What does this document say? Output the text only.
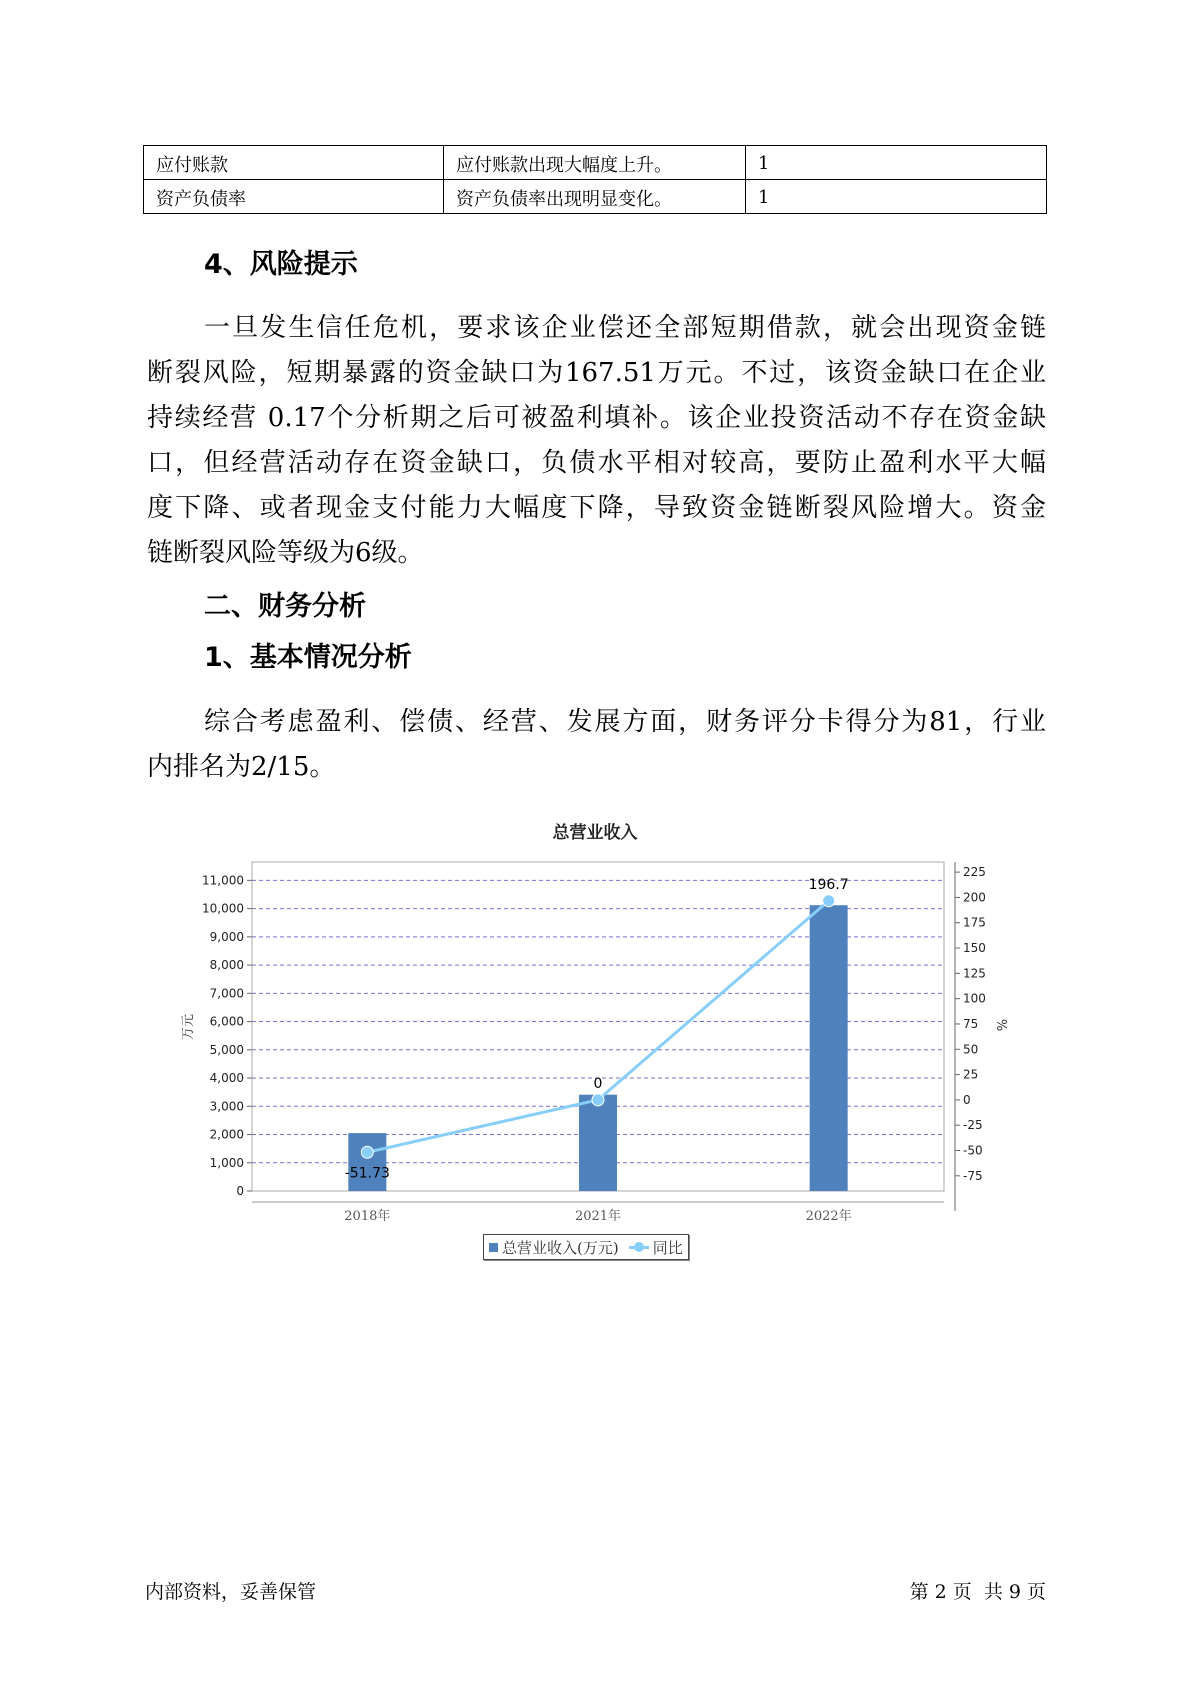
应付账款	应付账款出现大幅度上升。	1
资产负债率	资产负债率出现明显变化。	1
4、风险提示
一旦发生信任危机，要求该企业偿还全部短期借款，就会出现资金链
断裂风险，短期暴露的资金缺口为167.51万元。不过，该资金缺口在企业
持续经营 0.17个分析期之后可被盈利填补。该企业投资活动不存在资金缺
口，但经营活动存在资金缺口，负债水平相对较高，要防止盈利水平大幅
度下降、或者现金支付能力大幅度下降，导致资金链断裂风险增大。资金
链断裂风险等级为6级。
二、财务分析
1、基本情况分析
综合考虑盈利、偿债、经营、发展方面，财务评分卡得分为81，行业
内排名为2/15。
总营业收入
0
1,000
2,000
3,000
4,000
5,000
6,000
7,000
8,000
9,000
10,000
11,000
-75
-50
-25
0
25
50
75
100
125
150
175
200
225
2018年	2021年	2022年
-51.73
0
196.7
万元	%
总营业收入(万元) 同比
内部资料，妥善保管	第 2 页  共 9 页
